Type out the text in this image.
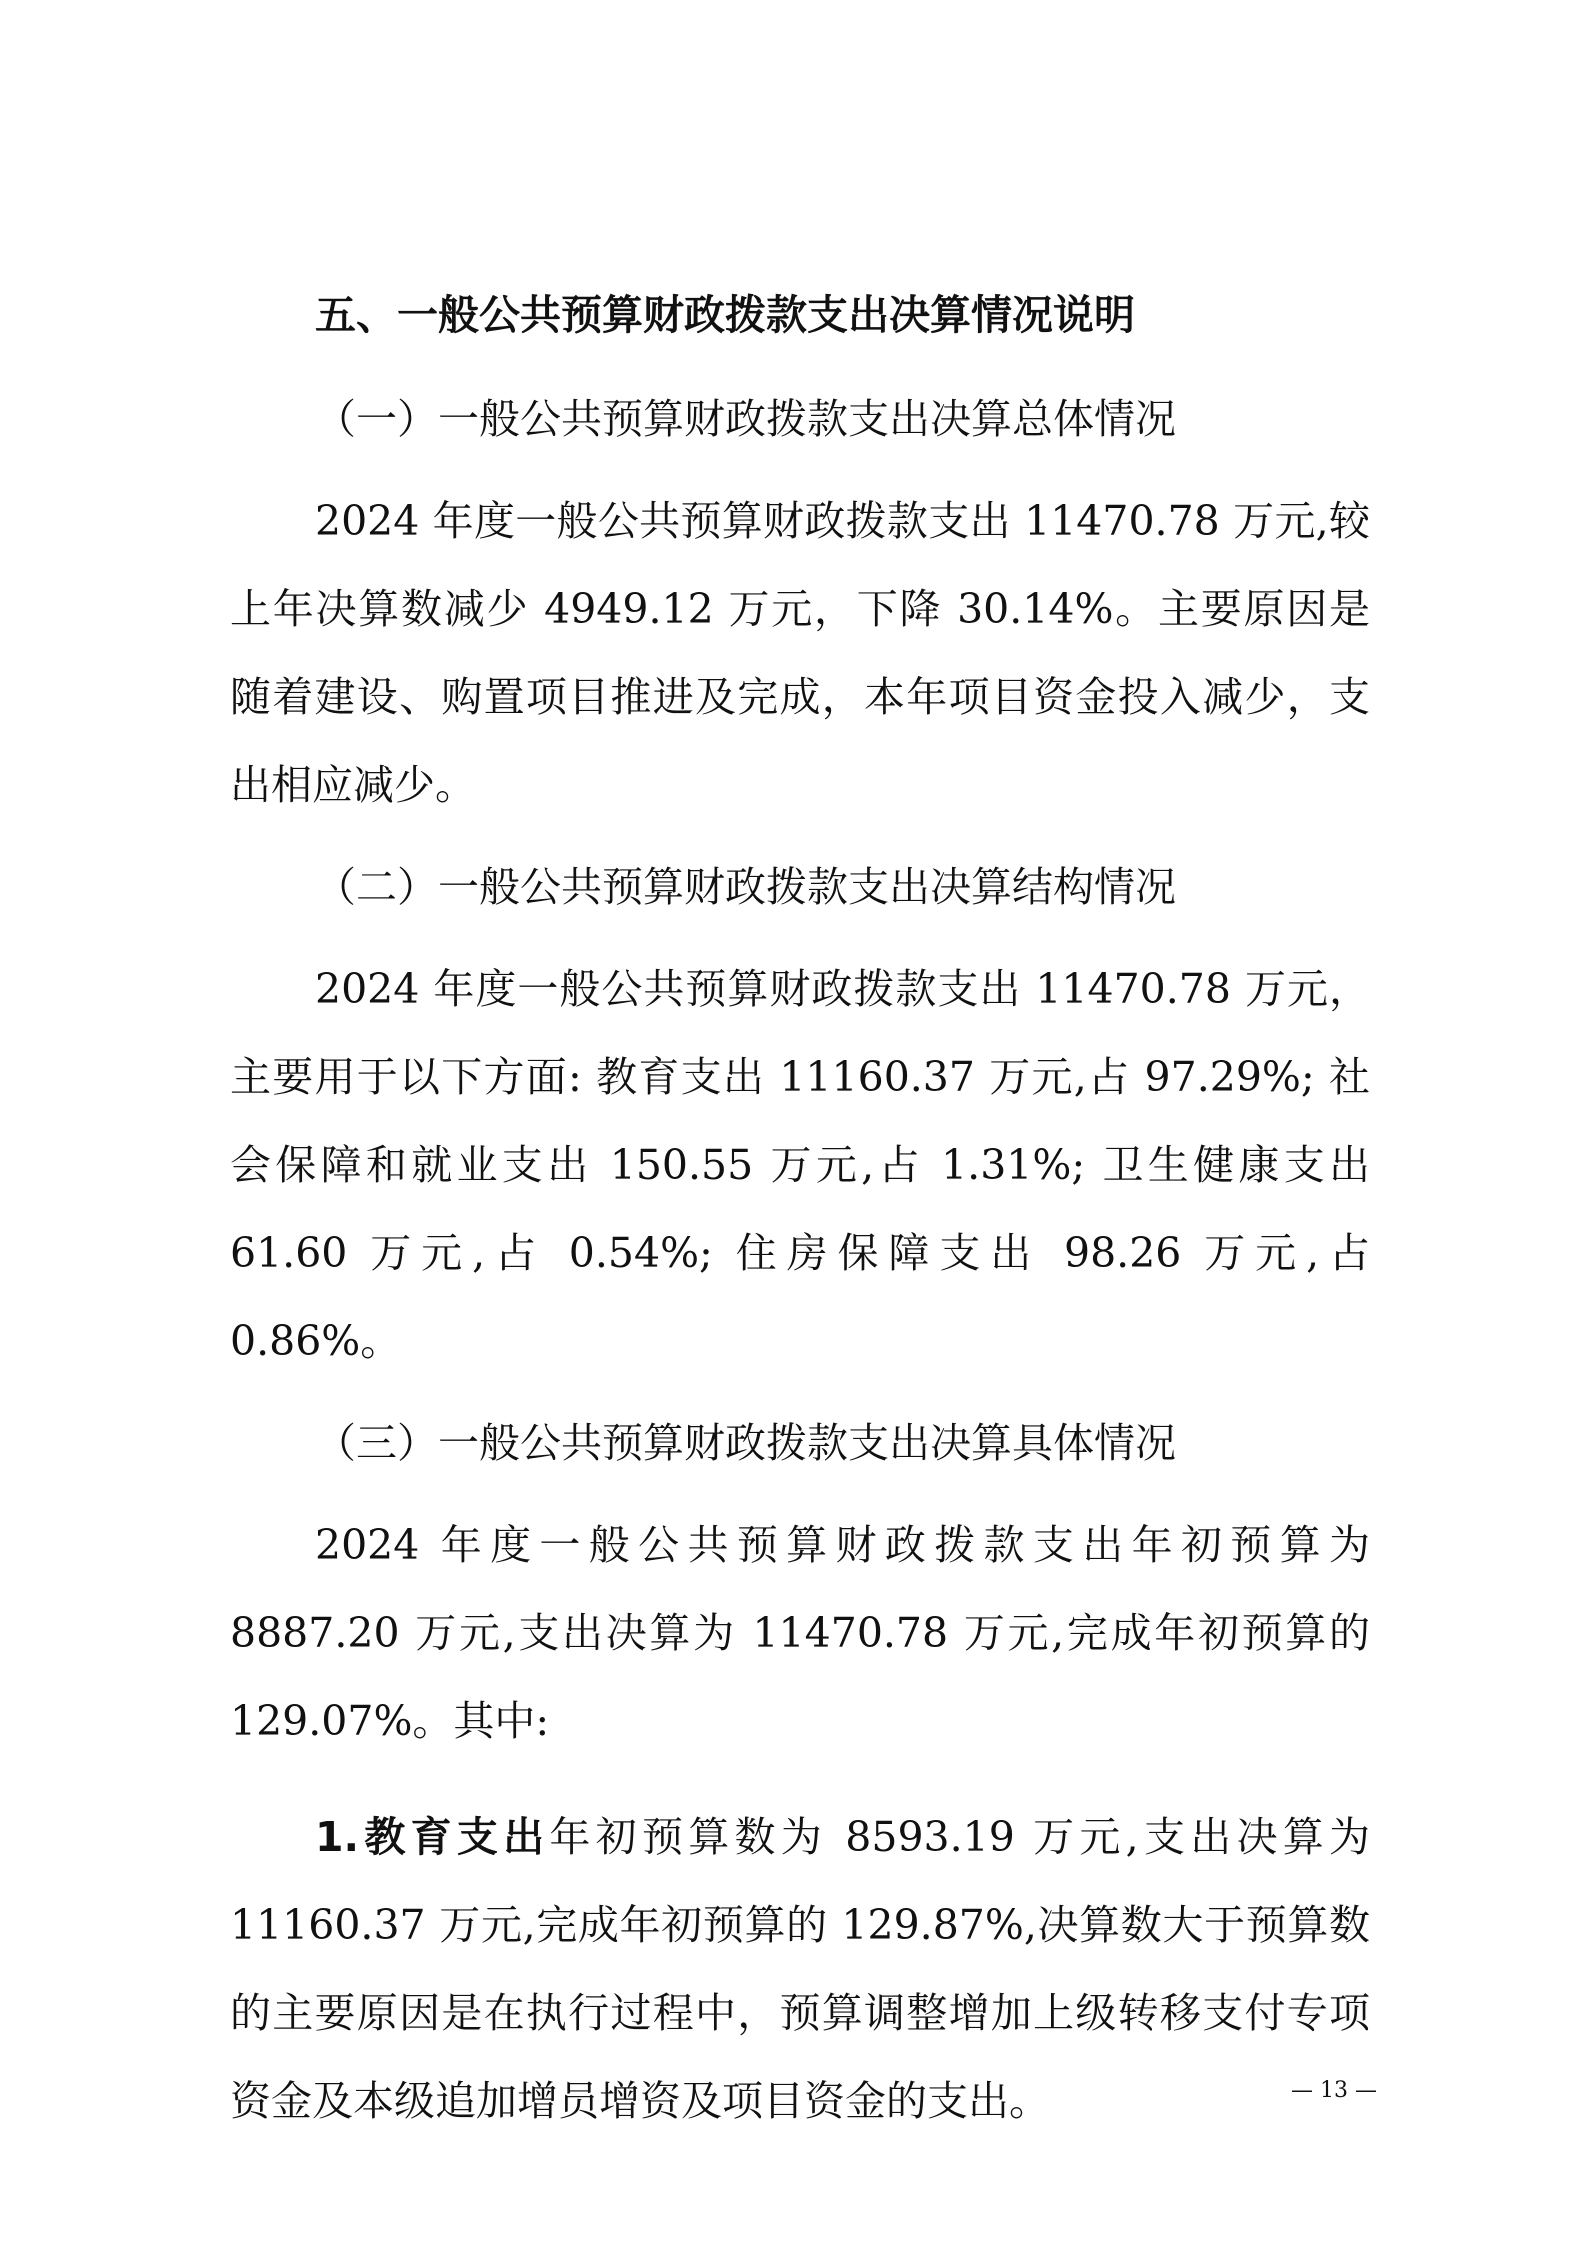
五、一般公共预算财政拨款支出决算情况说明
（一）一般公共预算财政拨款支出决算总体情况

2024 年度一般公共预算财政拨款支出 11470.78 万元,较上年决算数减少 4949.12 万元，下降 30.14%。主要原因是随着建设、购置项目推进及完成，本年项目资金投入减少，支出相应减少。

（二）一般公共预算财政拨款支出决算结构情况

2024 年度一般公共预算财政拨款支出 11470.78 万元，主要用于以下方面: 教育支出 11160.37 万元,占 97.29%; 社会保障和就业支出 150.55 万元,占 1.31%; 卫生健康支出 61.60 万元,占 0.54%; 住房保障支出 98.26 万元,占 0.86%。

（三）一般公共预算财政拨款支出决算具体情况

2024 年度一般公共预算财政拨款支出年初预算为 8887.20 万元,支出决算为 11470.78 万元,完成年初预算的 129.07%。其中:

1.教育支出年初预算数为 8593.19 万元,支出决算为 11160.37 万元,完成年初预算的 129.87%,决算数大于预算数的主要原因是在执行过程中，预算调整增加上级转移支付专项资金及本级追加增员增资及项目资金的支出。	— 13 —
